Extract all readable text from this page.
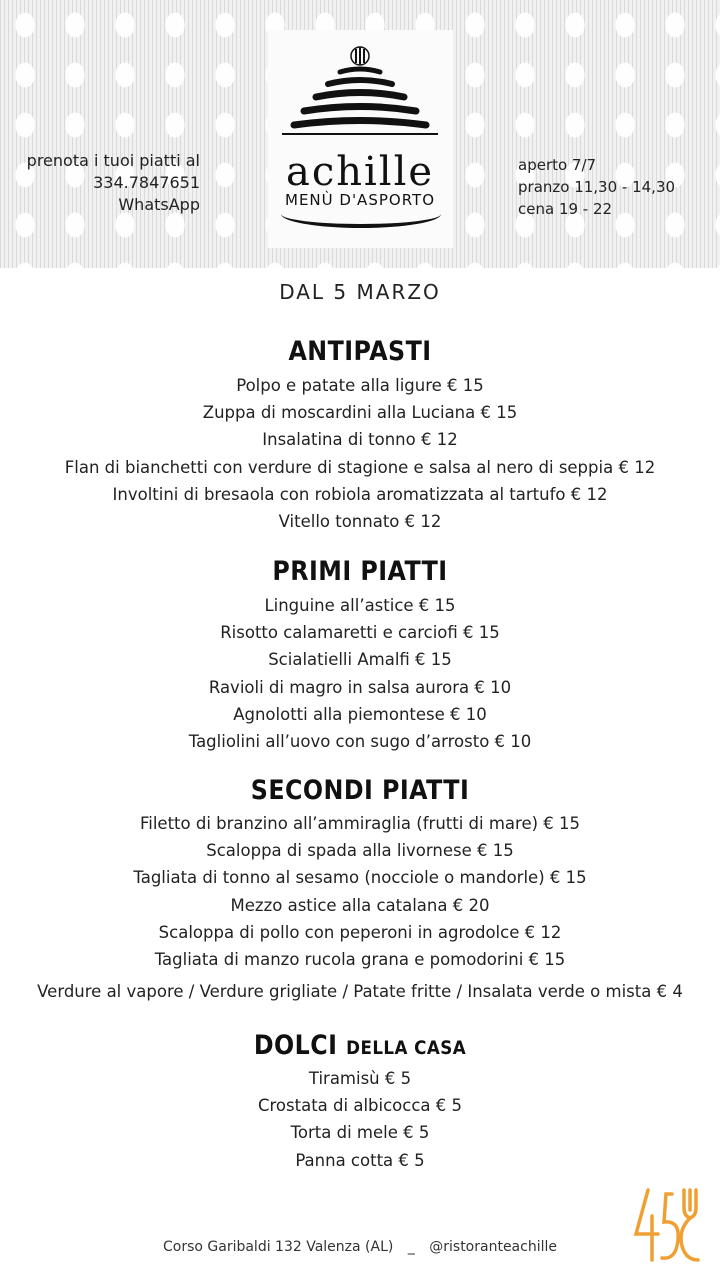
prenota i tuoi piatti al
334.7847651
WhatsApp
achille
MENÙ D'ASPORTO
aperto 7/7
pranzo 11,30 - 14,30
cena 19 - 22
DAL 5 MARZO
ANTIPASTI
Polpo e patate alla ligure € 15
Zuppa di moscardini alla Luciana € 15
Insalatina di tonno € 12
Flan di bianchetti con verdure di stagione e salsa al nero di seppia € 12
Involtini di bresaola con robiola aromatizzata al tartufo € 12
Vitello tonnato € 12
PRIMI PIATTI
Linguine all’astice € 15
Risotto calamaretti e carciofi € 15
Scialatielli Amalfi € 15
Ravioli di magro in salsa aurora € 10
Agnolotti alla piemontese € 10
Tagliolini all’uovo con sugo d’arrosto € 10
SECONDI PIATTI
Filetto di branzino all’ammiraglia (frutti di mare) € 15
Scaloppa di spada alla livornese € 15
Tagliata di tonno al sesamo (nocciole o mandorle) € 15
Mezzo astice alla catalana € 20
Scaloppa di pollo con peperoni in agrodolce € 12
Tagliata di manzo rucola grana e pomodorini € 15
Verdure al vapore / Verdure grigliate / Patate fritte / Insalata verde o mista € 4
DOLCI DELLA CASA
Tiramisù € 5
Crostata di albicocca € 5
Torta di mele € 5
Panna cotta € 5
Corso Garibaldi 132 Valenza (AL) _ @ristoranteachille
